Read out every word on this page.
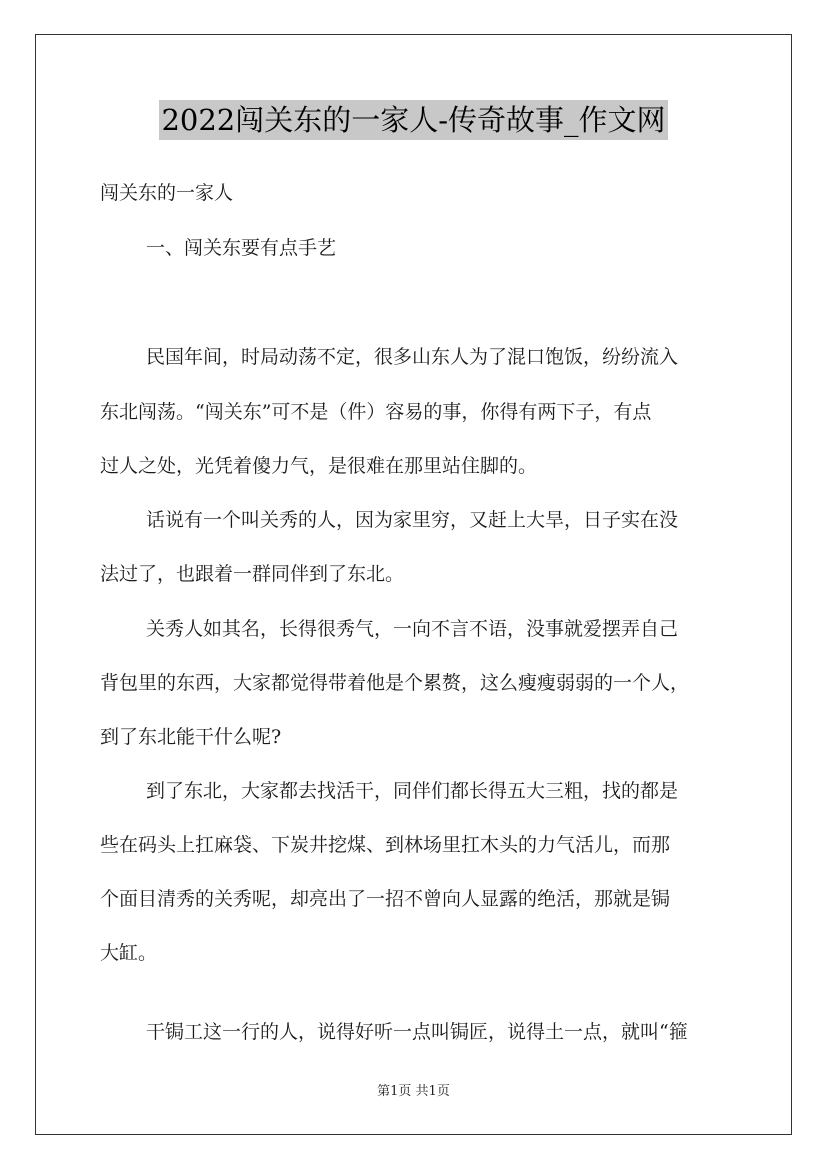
2022闯关东的一家人-传奇故事_作文网
闯关东的一家人
一、闯关东要有点手艺
民国年间，时局动荡不定，很多山东人为了混口饱饭，纷纷流入
东北闯荡。“闯关东”可不是（件）容易的事，你得有两下子，有点
过人之处，光凭着傻力气，是很难在那里站住脚的。
话说有一个叫关秀的人，因为家里穷，又赶上大旱，日子实在没
法过了，也跟着一群同伴到了东北。
关秀人如其名，长得很秀气，一向不言不语，没事就爱摆弄自己
背包里的东西，大家都觉得带着他是个累赘，这么瘦瘦弱弱的一个人，
到了东北能干什么呢?
到了东北，大家都去找活干，同伴们都长得五大三粗，找的都是
些在码头上扛麻袋、下炭井挖煤、到林场里扛木头的力气活儿，而那
个面目清秀的关秀呢，却亮出了一招不曾向人显露的绝活，那就是锔
大缸。
干锔工这一行的人，说得好听一点叫锔匠，说得土一点，就叫“箍
第1页 共1页
